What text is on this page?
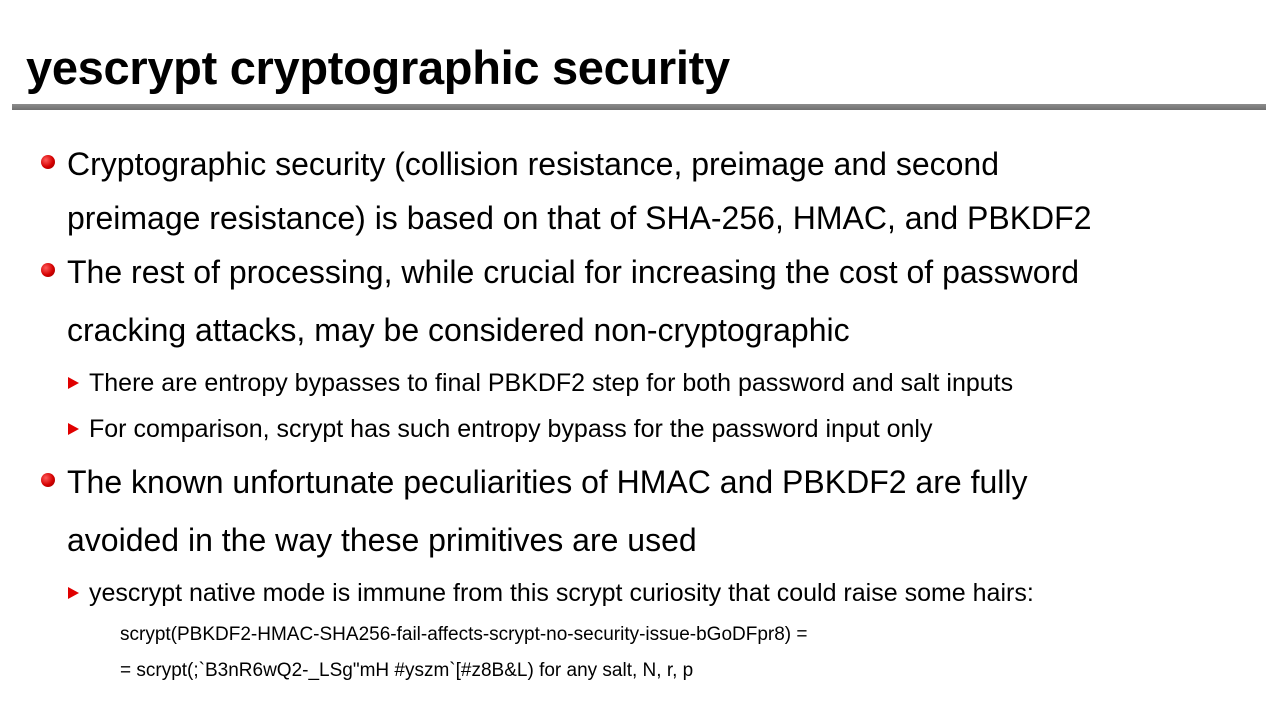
yescrypt cryptographic security
Cryptographic security (collision resistance, preimage and second
preimage resistance) is based on that of SHA-256, HMAC, and PBKDF2
The rest of processing, while crucial for increasing the cost of password
cracking attacks, may be considered non-cryptographic
There are entropy bypasses to final PBKDF2 step for both password and salt inputs
For comparison, scrypt has such entropy bypass for the password input only
The known unfortunate peculiarities of HMAC and PBKDF2 are fully
avoided in the way these primitives are used
yescrypt native mode is immune from this scrypt curiosity that could raise some hairs:
scrypt(PBKDF2-HMAC-SHA256-fail-affects-scrypt-no-security-issue-bGoDFpr8) =
= scrypt(;`B3nR6wQ2-_LSg"mH #yszm`[#z8B&L) for any salt, N, r, p
